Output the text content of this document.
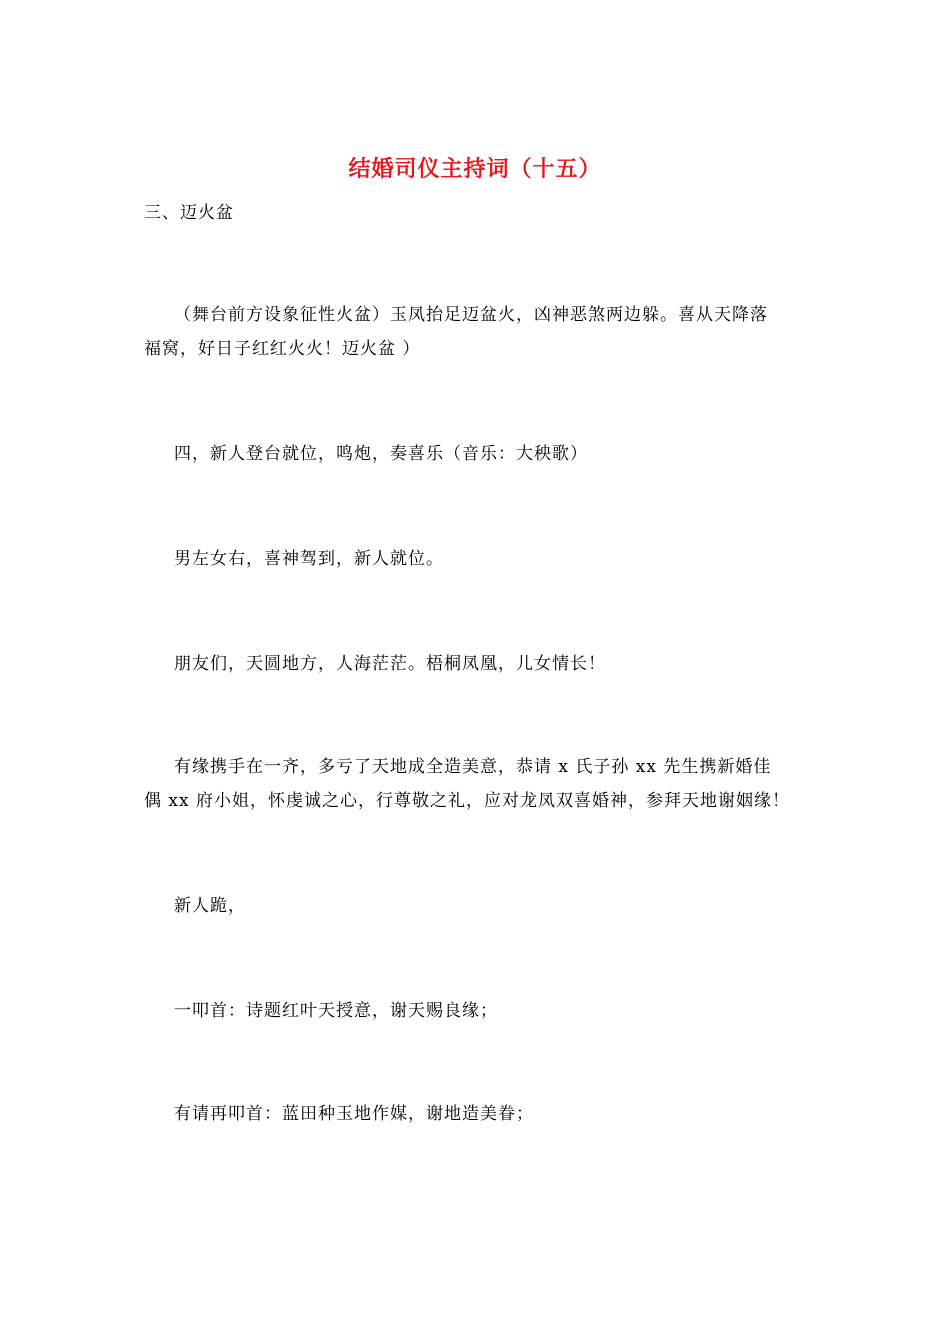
结婚司仪主持词（十五）
三、迈火盆

（舞台前方设象征性火盆）玉凤抬足迈盆火，凶神恶煞两边躲。喜从天降落
福窝，好日子红红火火！迈火盆 ）

四，新人登台就位，鸣炮，奏喜乐（音乐：大秧歌）

男左女右，喜神驾到，新人就位。

朋友们，天圆地方，人海茫茫。梧桐凤凰，儿女情长！

有缘携手在一齐，多亏了天地成全造美意，恭请 x 氏子孙 xx 先生携新婚佳
偶 xx 府小姐，怀虔诚之心，行尊敬之礼，应对龙凤双喜婚神，参拜天地谢姻缘！

新人跪，

一叩首：诗题红叶天授意，谢天赐良缘；

有请再叩首：蓝田种玉地作媒，谢地造美眷；
